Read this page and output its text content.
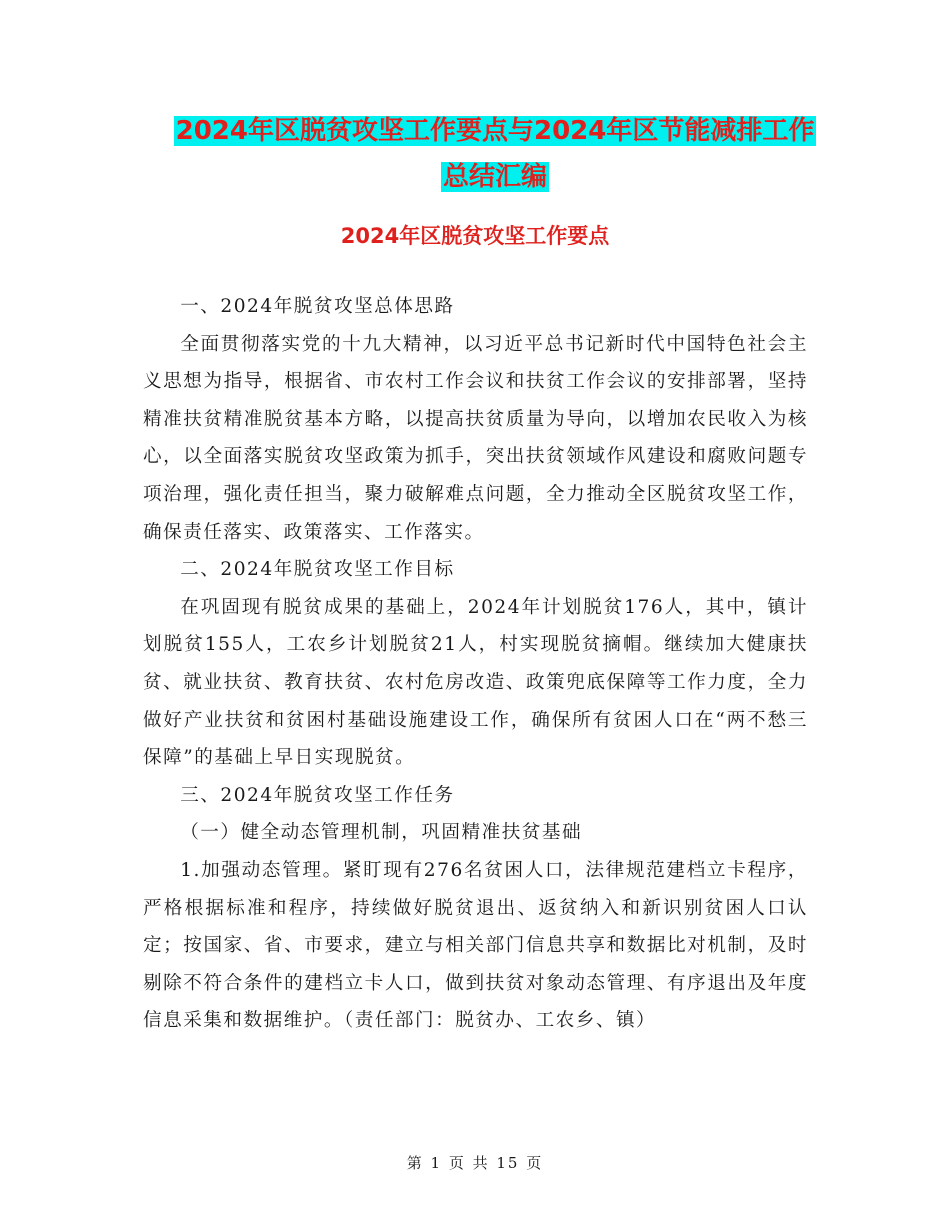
2024年区脱贫攻坚工作要点与2024年区节能减排工作
总结汇编
2024年区脱贫攻坚工作要点

一、2024年脱贫攻坚总体思路

全面贯彻落实党的十九大精神，以习近平总书记新时代中国特色社会主义思想为指导，根据省、市农村工作会议和扶贫工作会议的安排部署，坚持精准扶贫精准脱贫基本方略，以提高扶贫质量为导向，以增加农民收入为核心，以全面落实脱贫攻坚政策为抓手，突出扶贫领域作风建设和腐败问题专项治理，强化责任担当，聚力破解难点问题，全力推动全区脱贫攻坚工作，确保责任落实、政策落实、工作落实。

二、2024年脱贫攻坚工作目标

在巩固现有脱贫成果的基础上，2024年计划脱贫176人，其中，镇计划脱贫155人，工农乡计划脱贫21人，村实现脱贫摘帽。继续加大健康扶贫、就业扶贫、教育扶贫、农村危房改造、政策兜底保障等工作力度，全力做好产业扶贫和贫困村基础设施建设工作，确保所有贫困人口在“两不愁三保障”的基础上早日实现脱贫。

三、2024年脱贫攻坚工作任务

（一）健全动态管理机制，巩固精准扶贫基础

1.加强动态管理。紧盯现有276名贫困人口，法律规范建档立卡程序，严格根据标准和程序，持续做好脱贫退出、返贫纳入和新识别贫困人口认定；按国家、省、市要求，建立与相关部门信息共享和数据比对机制，及时剔除不符合条件的建档立卡人口，做到扶贫对象动态管理、有序退出及年度信息采集和数据维护。（责任部门：脱贫办、工农乡、镇）

第 1 页 共 15 页
